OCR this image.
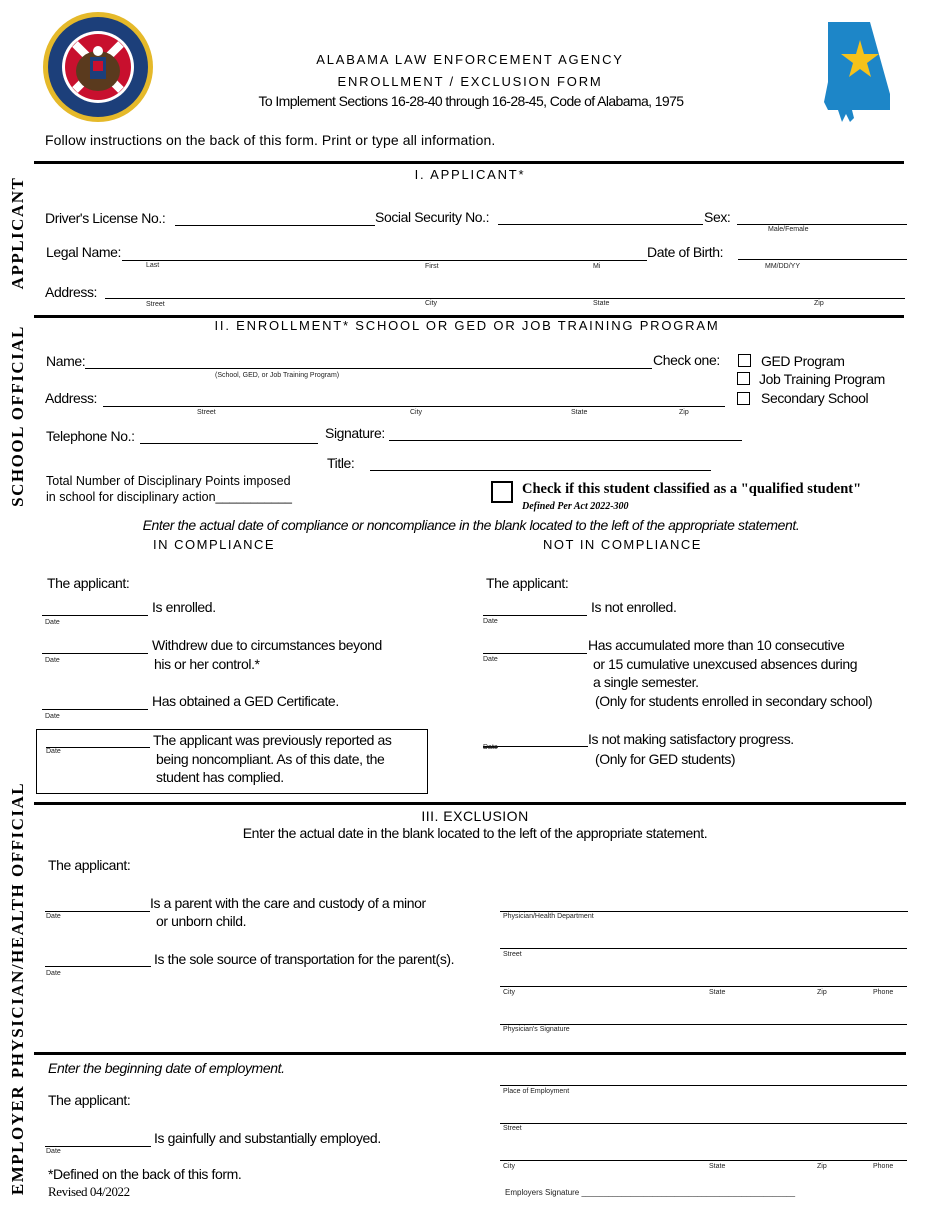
ALABAMA LAW ENFORCEMENT AGENCY
ENROLLMENT / EXCLUSION FORM
To Implement Sections 16-28-40 through 16-28-45, Code of Alabama, 1975
Follow instructions on the back of this form. Print or type all information.
APPLICANT
SCHOOL OFFICIAL
PHYSICIAN/HEALTH OFFICIAL
EMPLOYER
I. APPLICANT*
Driver's License No.:	Social Security No.:	Sex:
Male/Female
Legal Name:
Last	First	Mi
Date of Birth:
MM/DD/YY
Address:
Street	City	State	Zip
II. ENROLLMENT* SCHOOL OR GED OR JOB TRAINING PROGRAM
Name:
(School, GED, or Job Training Program)
Check one:	GED Program
Job Training Program
Secondary School
Address:
Street	City	State	Zip
Telephone No.:	Signature:
Title:
Total Number of Disciplinary Points imposed
in school for disciplinary action___________	Check if this student classified as a "qualified student"
Defined Per Act 2022-300
Enter the actual date of compliance or noncompliance in the blank located to the left of the appropriate statement.
IN COMPLIANCE	NOT IN COMPLIANCE
The applicant:	The applicant:
Date
Is enrolled.
Date
Withdrew due to circumstances beyond
his or her control.*
Date
Has obtained a GED Certificate.
Date
The applicant was previously reported as
being noncompliant. As of this date, the
student has complied.
Date
Is not enrolled.
Date
Has accumulated more than 10 consecutive
or 15 cumulative unexcused absences during
a single semester.
(Only for students enrolled in secondary school)
Date
Is not making satisfactory progress.
(Only for GED students)
III. EXCLUSION
Enter the actual date in the blank located to the left of the appropriate statement.
The applicant:
Date
Is a parent with the care and custody of a minor
or unborn child.
Date
Is the sole source of transportation for the parent(s).
Physician/Health Department
Street
City	State	Zip	Phone
Physician's Signature
Enter the beginning date of employment.
The applicant:
Date
Is gainfully and substantially employed.
*Defined on the back of this form.
Revised 04/2022
Place of Employment
Street
City	State	Zip	Phone
Employers Signature ________________________________________________
